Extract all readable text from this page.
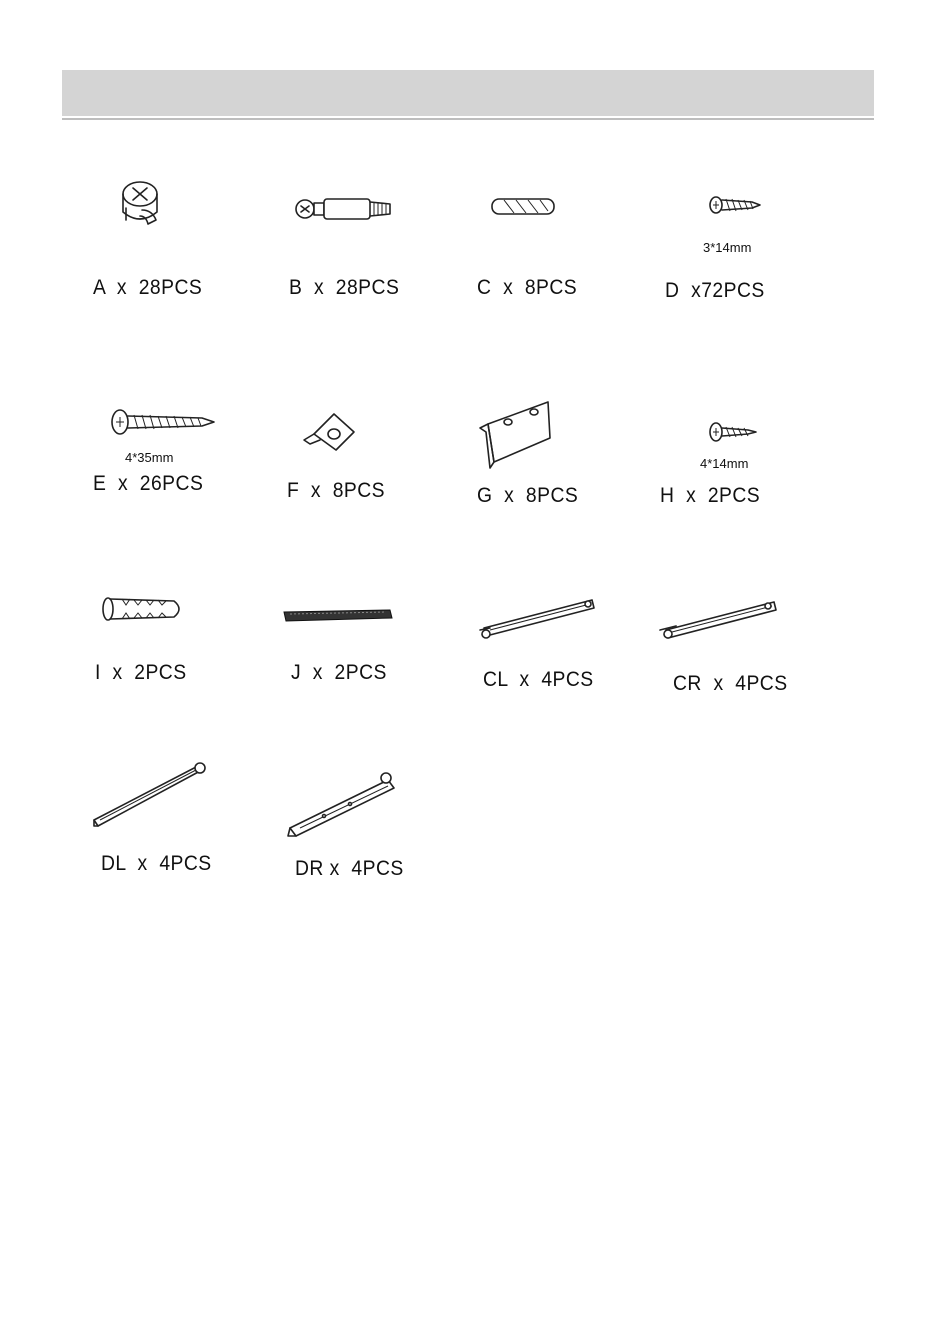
A  x  28PCS	B  x  28PCS	C  x  8PCS
3*14mm
D  x72PCS
4*35mm
E  x  26PCS	F  x  8PCS	G  x  8PCS
4*14mm
H  x  2PCS
I  x  2PCS	J  x  2PCS	CL  x  4PCS	CR  x  4PCS
DL  x  4PCS	DR x  4PCS
